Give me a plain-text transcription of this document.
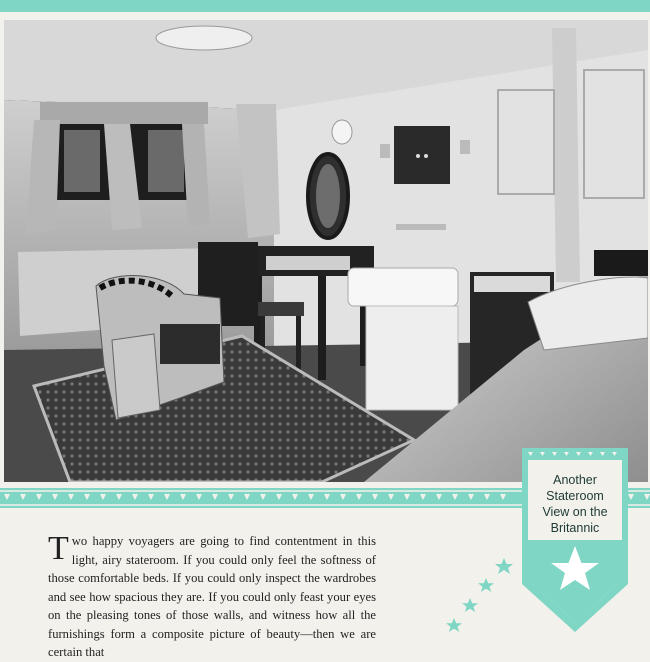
Two happy voyagers are going to find contentment in this light, airy stateroom. If you could only feel the softness of those comfortable beds. If you could only inspect the wardrobes and see how spacious they are. If you could only feast your eyes on the pleasing tones of those walls, and witness how all the furnishings form a composite picture of beauty—then we are certain that
Another
Stateroom
View on the
Britannic
